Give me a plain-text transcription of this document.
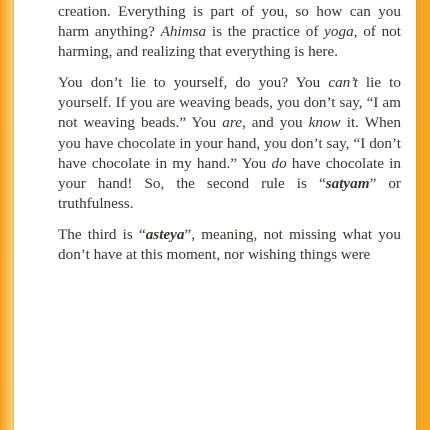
creation. Everything is part of you, so how can you harm anything? Ahimsa is the practice of yoga, of not harming, and realizing that everything is here.

You don’t lie to yourself, do you? You can’t lie to yourself. If you are weaving beads, you don’t say, “I am not weaving beads.” You are, and you know it. When you have chocolate in your hand, you don’t say, “I don’t have chocolate in my hand.” You do have chocolate in your hand! So, the second rule is “satyam” or truthfulness.

The third is “asteya”, meaning, not missing what you don’t have at this moment, nor wishing things were
